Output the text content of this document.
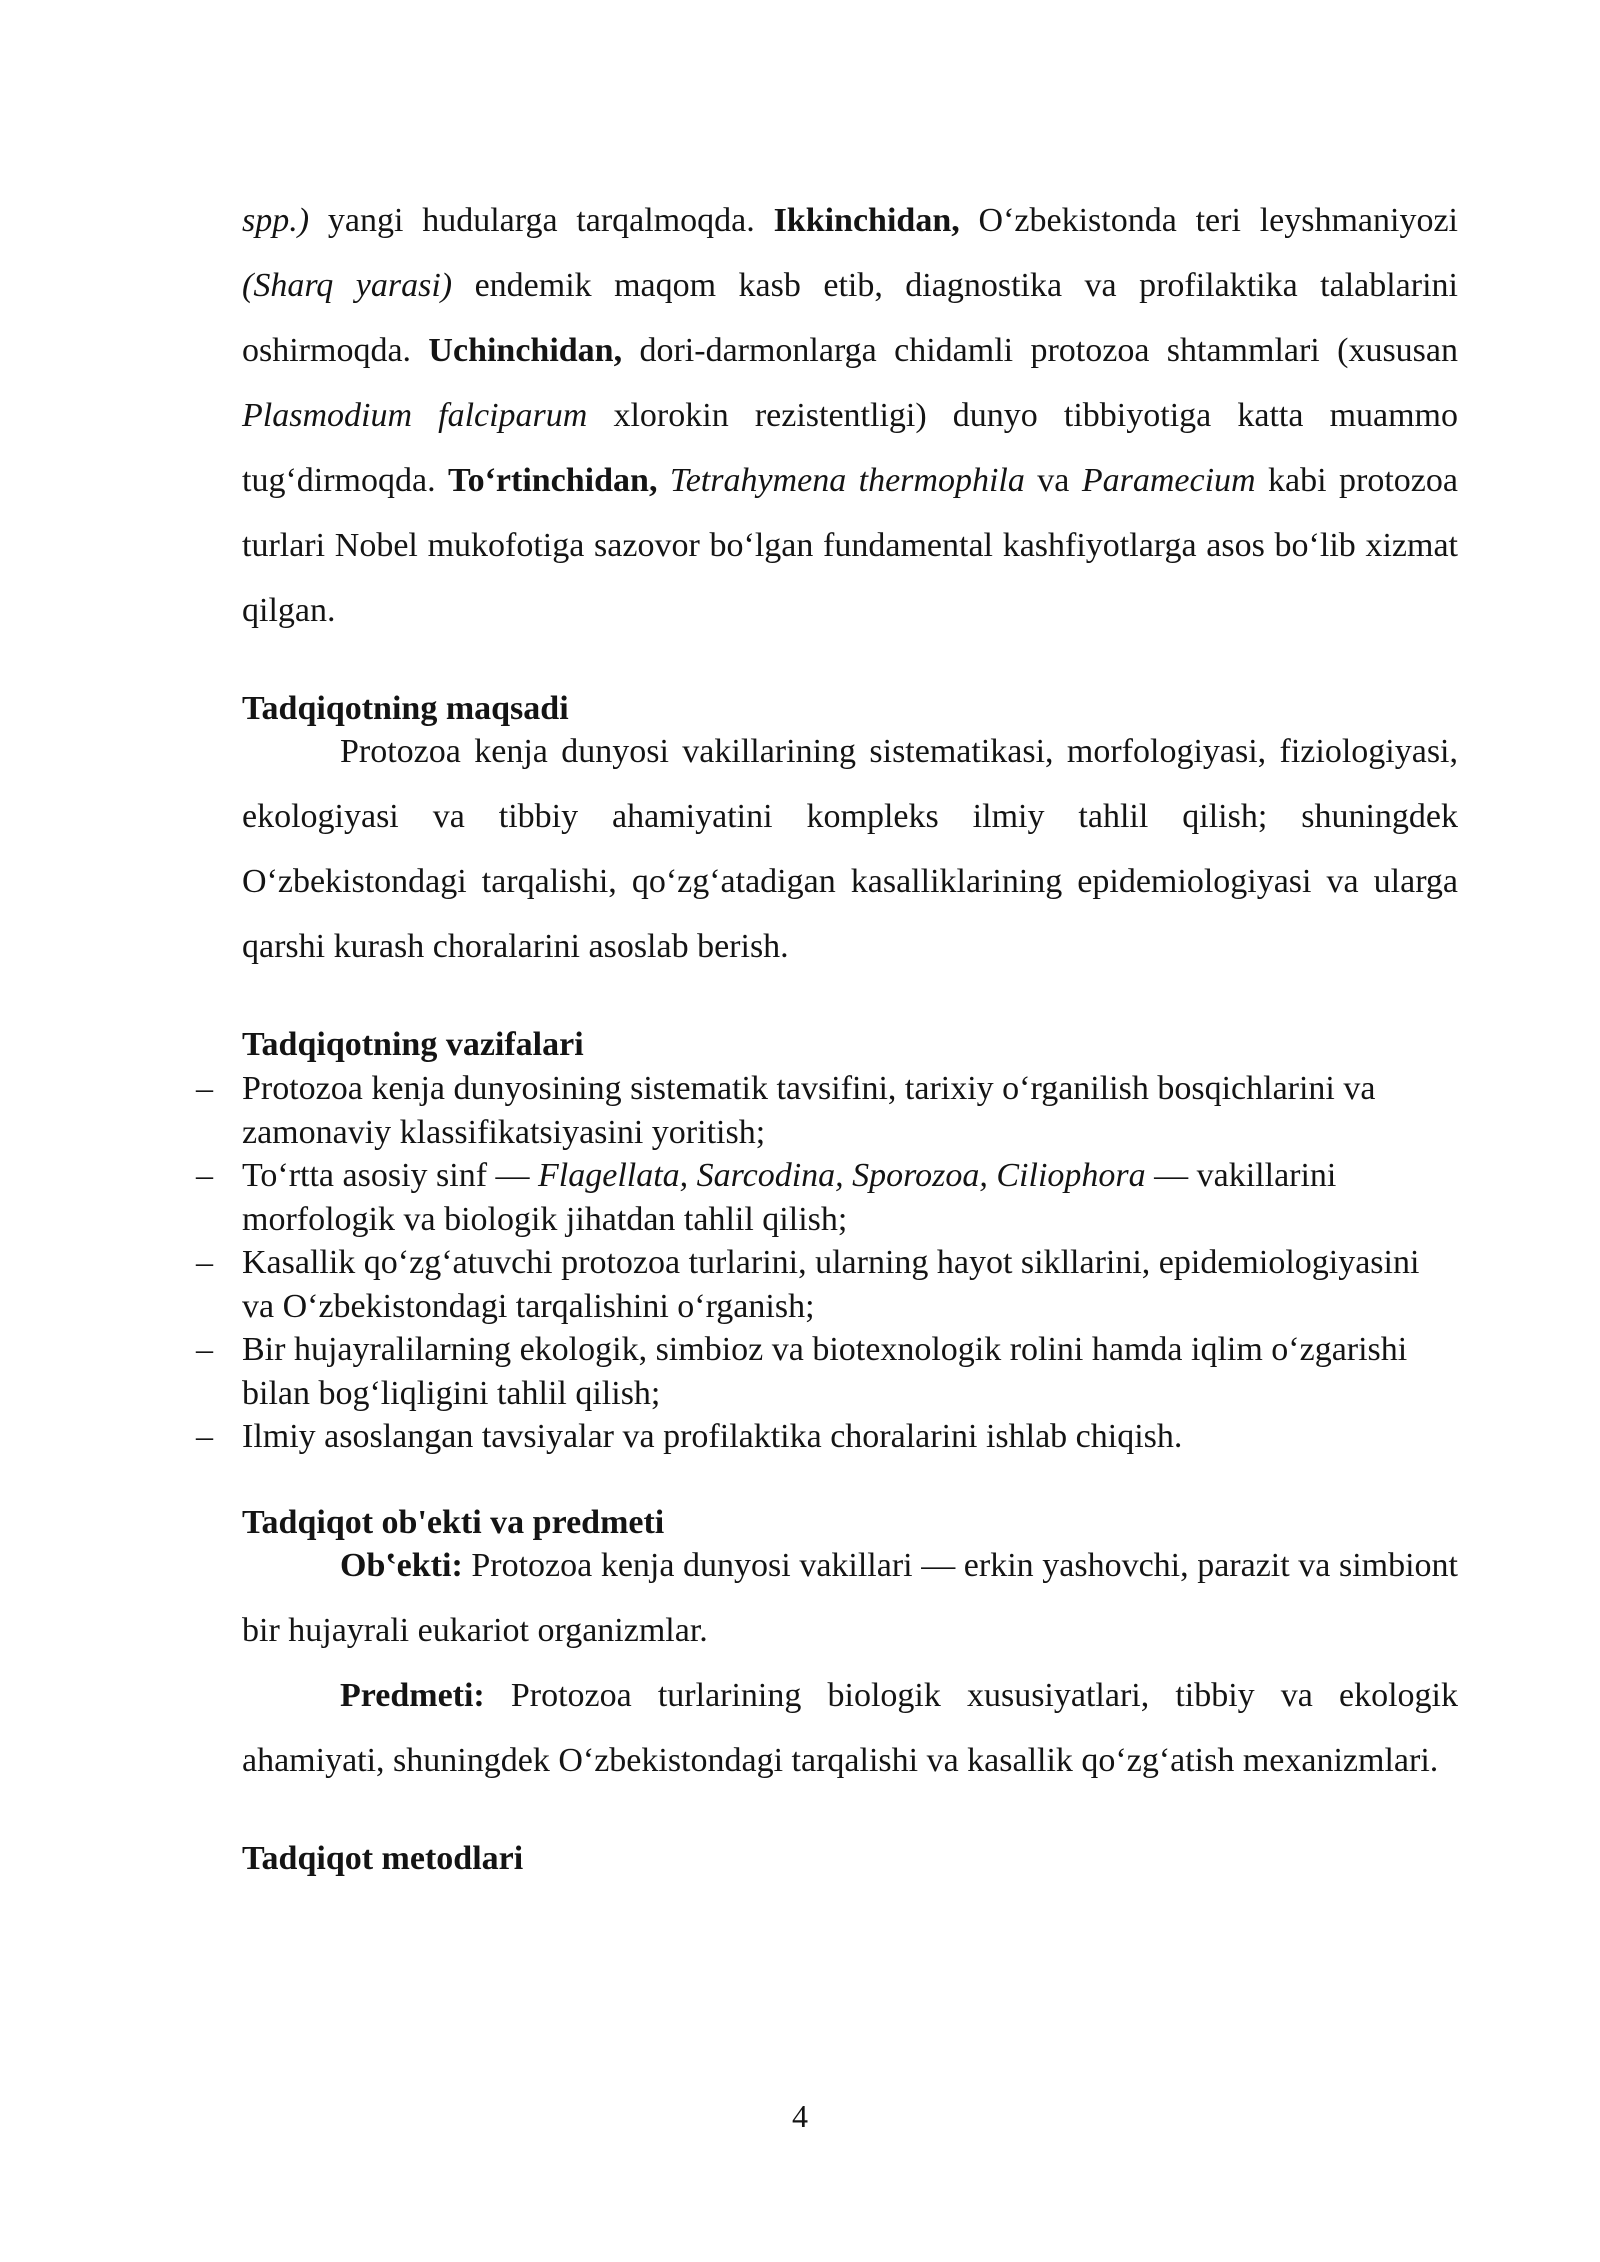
spp.) yangi hudularga tarqalmoqda. Ikkinchidan, O‘zbekistonda teri leyshmaniyozi (Sharq yarasi) endemik maqom kasb etib, diagnostika va profilaktika talablarini oshirmoqda. Uchinchidan, dori-darmonlarga chidamli protozoa shtammlari (xususan Plasmodium falciparum xlorokin rezistentligi) dunyo tibbiyotiga katta muammo tug‘dirmoqda. To‘rtinchidan, Tetrahymena thermophila va Paramecium kabi protozoa turlari Nobel mukofotiga sazovor bo‘lgan fundamental kashfiyotlarga asos bo‘lib xizmat qilgan.

Tadqiqotning maqsadi

Protozoa kenja dunyosi vakillarining sistematikasi, morfologiyasi, fiziologiyasi, ekologiyasi va tibbiy ahamiyatini kompleks ilmiy tahlil qilish; shuningdek O‘zbekistondagi tarqalishi, qo‘zg‘atadigan kasalliklarining epidemiologiyasi va ularga qarshi kurash choralarini asoslab berish.

Tadqiqotning vazifalari

– Protozoa kenja dunyosining sistematik tavsifini, tarixiy o‘rganilish bosqichlarini va zamonaviy klassifikatsiyasini yoritish;
– To‘rtta asosiy sinf — Flagellata, Sarcodina, Sporozoa, Ciliophora — vakillarini morfologik va biologik jihatdan tahlil qilish;
– Kasallik qo‘zg‘atuvchi protozoa turlarini, ularning hayot sikllarini, epidemiologiyasini va O‘zbekistondagi tarqalishini o‘rganish;
– Bir hujayralilarning ekologik, simbioz va biotexnologik rolini hamda iqlim o‘zgarishi bilan bog‘liqligini tahlil qilish;
– Ilmiy asoslangan tavsiyalar va profilaktika choralarini ishlab chiqish.

Tadqiqot ob'ekti va predmeti

Obʽekti: Protozoa kenja dunyosi vakillari — erkin yashovchi, parazit va simbiont bir hujayrali eukariot organizmlar.

Predmeti: Protozoa turlarining biologik xususiyatlari, tibbiy va ekologik ahamiyati, shuningdek O‘zbekistondagi tarqalishi va kasallik qo‘zg‘atish mexanizmlari.

Tadqiqot metodlari

4
